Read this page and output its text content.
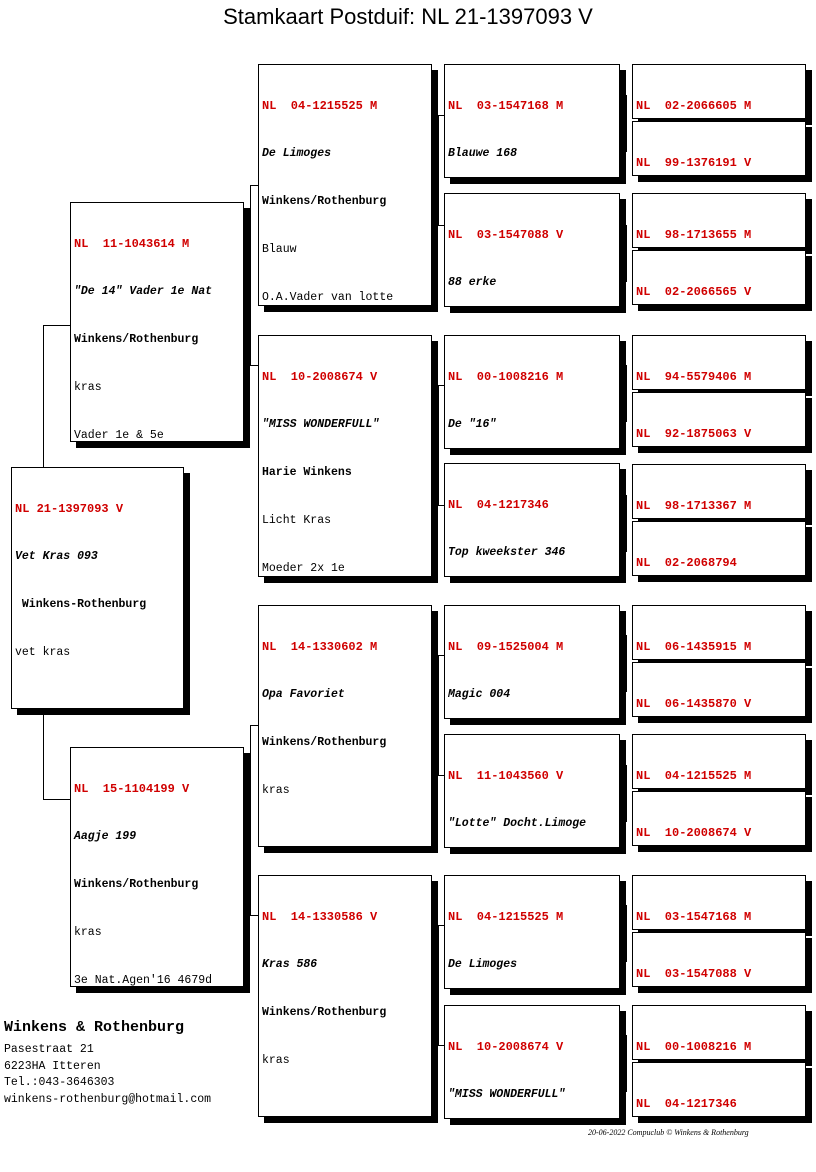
Stamkaart Postduif: NL 21-1397093 V

NL 21-1397093 V

Vet Kras 093

Winkens-Rothenburg

vet kras

NL  11-1043614 M

"De 14" Vader 1e Nat

Winkens/Rothenburg

kras

Vader 1e & 5e

NL  15-1104199 V

Aagje 199

Winkens/Rothenburg

kras

3e Nat.Agen'16 4679d

NL  04-1215525 M

De Limoges

Winkens/Rothenburg

Blauw

O.A.Vader van lotte

NL  10-2008674 V

"MISS WONDERFULL"

Harie Winkens

Licht Kras

Moeder 2x 1e

NL  14-1330602 M

Opa Favoriet

Winkens/Rothenburg

kras

NL  14-1330586 V

Kras 586

Winkens/Rothenburg

kras

NL  03-1547168 M

Blauwe 168

NL  03-1547088 V

88 erke

NL  00-1008216 M

De "16"

NL  04-1217346

Top kweekster 346

NL  09-1525004 M

Magic 004

NL  11-1043560 V

"Lotte" Docht.Limoge

NL  04-1215525 M

De Limoges

NL  10-2008674 V

"MISS WONDERFULL"

NL  02-2066605 M

NL  99-1376191 V

NL  98-1713655 M

NL  02-2066565 V

NL  94-5579406 M

NL  92-1875063 V

NL  98-1713367 M

NL  02-2068794

NL  06-1435915 M

NL  06-1435870 V

NL  04-1215525 M

NL  10-2008674 V

NL  03-1547168 M

NL  03-1547088 V

NL  00-1008216 M

NL  04-1217346

Winkens & Rothenburg
Pasestraat 21
6223HA Itteren
Tel.:043-3646303
winkens-rothenburg@hotmail.com
20-06-2022 Compuclub © Winkens & Rothenburg
